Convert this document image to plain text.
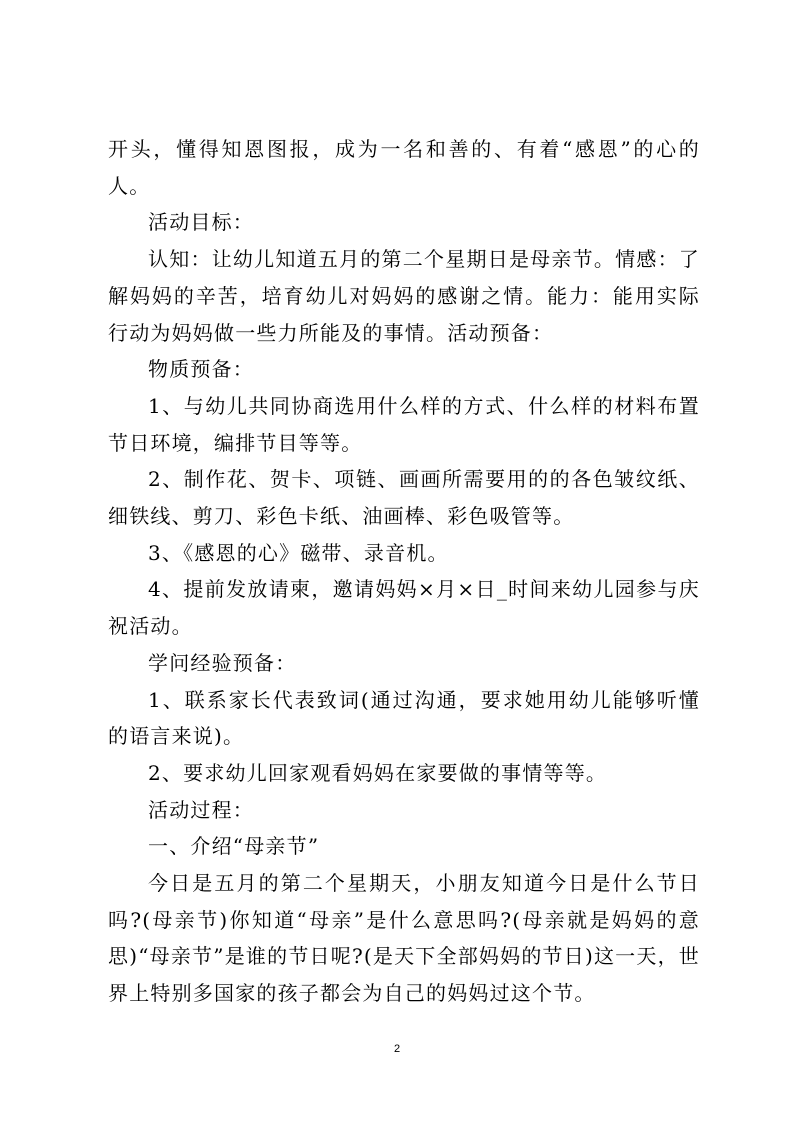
开头，懂得知恩图报，成为一名和善的、有着“感恩”的心的人。

活动目标：

认知：让幼儿知道五月的第二个星期日是母亲节。情感：了解妈妈的辛苦，培育幼儿对妈妈的感谢之情。能力：能用实际行动为妈妈做一些力所能及的事情。活动预备：

物质预备：

1、与幼儿共同协商选用什么样的方式、什么样的材料布置节日环境，编排节目等等。

2、制作花、贺卡、项链、画画所需要用的的各色皱纹纸、细铁线、剪刀、彩色卡纸、油画棒、彩色吸管等。

3、《感恩的心》磁带、录音机。

4、提前发放请柬，邀请妈妈×月×日_时间来幼儿园参与庆祝活动。

学问经验预备：

1、联系家长代表致词(通过沟通，要求她用幼儿能够听懂的语言来说)。

2、要求幼儿回家观看妈妈在家要做的事情等等。

活动过程：

一、介绍“母亲节”

今日是五月的第二个星期天，小朋友知道今日是什么节日吗?(母亲节)你知道“母亲”是什么意思吗?(母亲就是妈妈的意思)“母亲节”是谁的节日呢?(是天下全部妈妈的节日)这一天，世界上特别多国家的孩子都会为自己的妈妈过这个节。

2
